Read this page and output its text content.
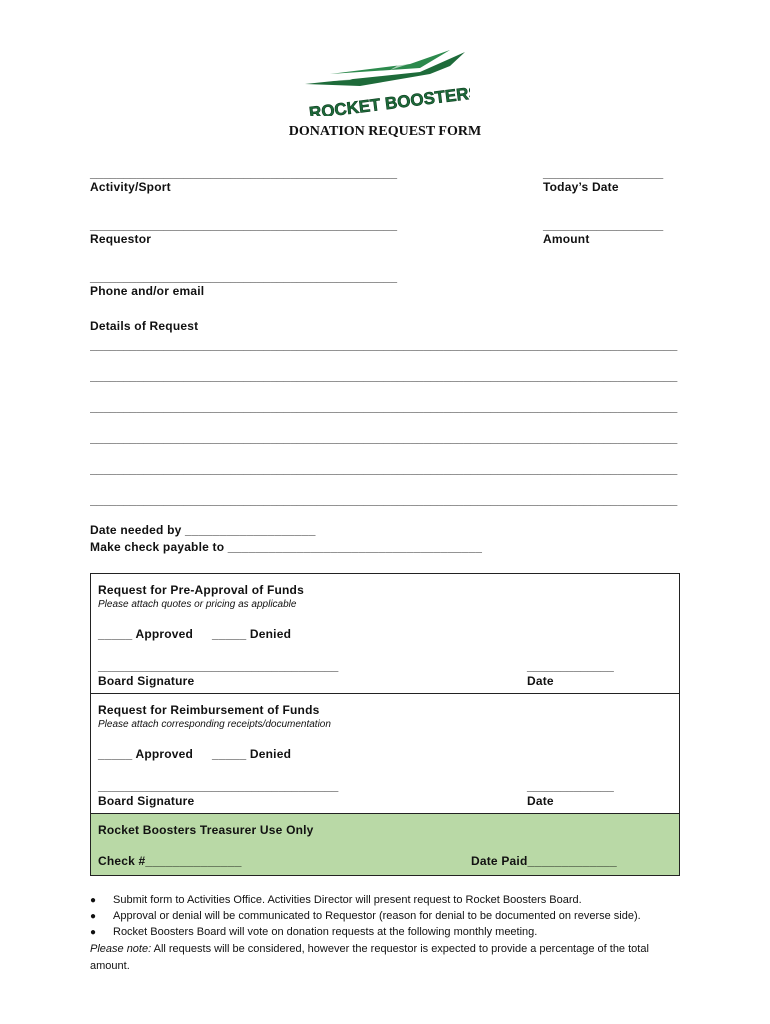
ROCKET BOOSTERS
DONATION REQUEST FORM
______________________________________________	__________________
Activity/Sport	Today’s Date
______________________________________________	__________________
Requestor	Amount
______________________________________________
Phone and/or email
Details of Request
________________________________________________________________________________________
________________________________________________________________________________________
________________________________________________________________________________________
________________________________________________________________________________________
________________________________________________________________________________________
________________________________________________________________________________________
Date needed by ___________________
Make check payable to _____________________________________
Request for Pre-Approval of Funds
Please attach quotes or pricing as applicable
_____ Approved _____ Denied
____________________________________	_____________
Board Signature	Date
Request for Reimbursement of Funds
Please attach corresponding receipts/documentation
_____ Approved _____ Denied
____________________________________	_____________
Board Signature	Date
Rocket Boosters Treasurer Use Only
Check #______________	Date Paid_____________
● Submit form to Activities Office. Activities Director will present request to Rocket Boosters Board.
● Approval or denial will be communicated to Requestor (reason for denial to be documented on reverse side).
● Rocket Boosters Board will vote on donation requests at the following monthly meeting.
Please note: All requests will be considered, however the requestor is expected to provide a percentage of the total
amount.
